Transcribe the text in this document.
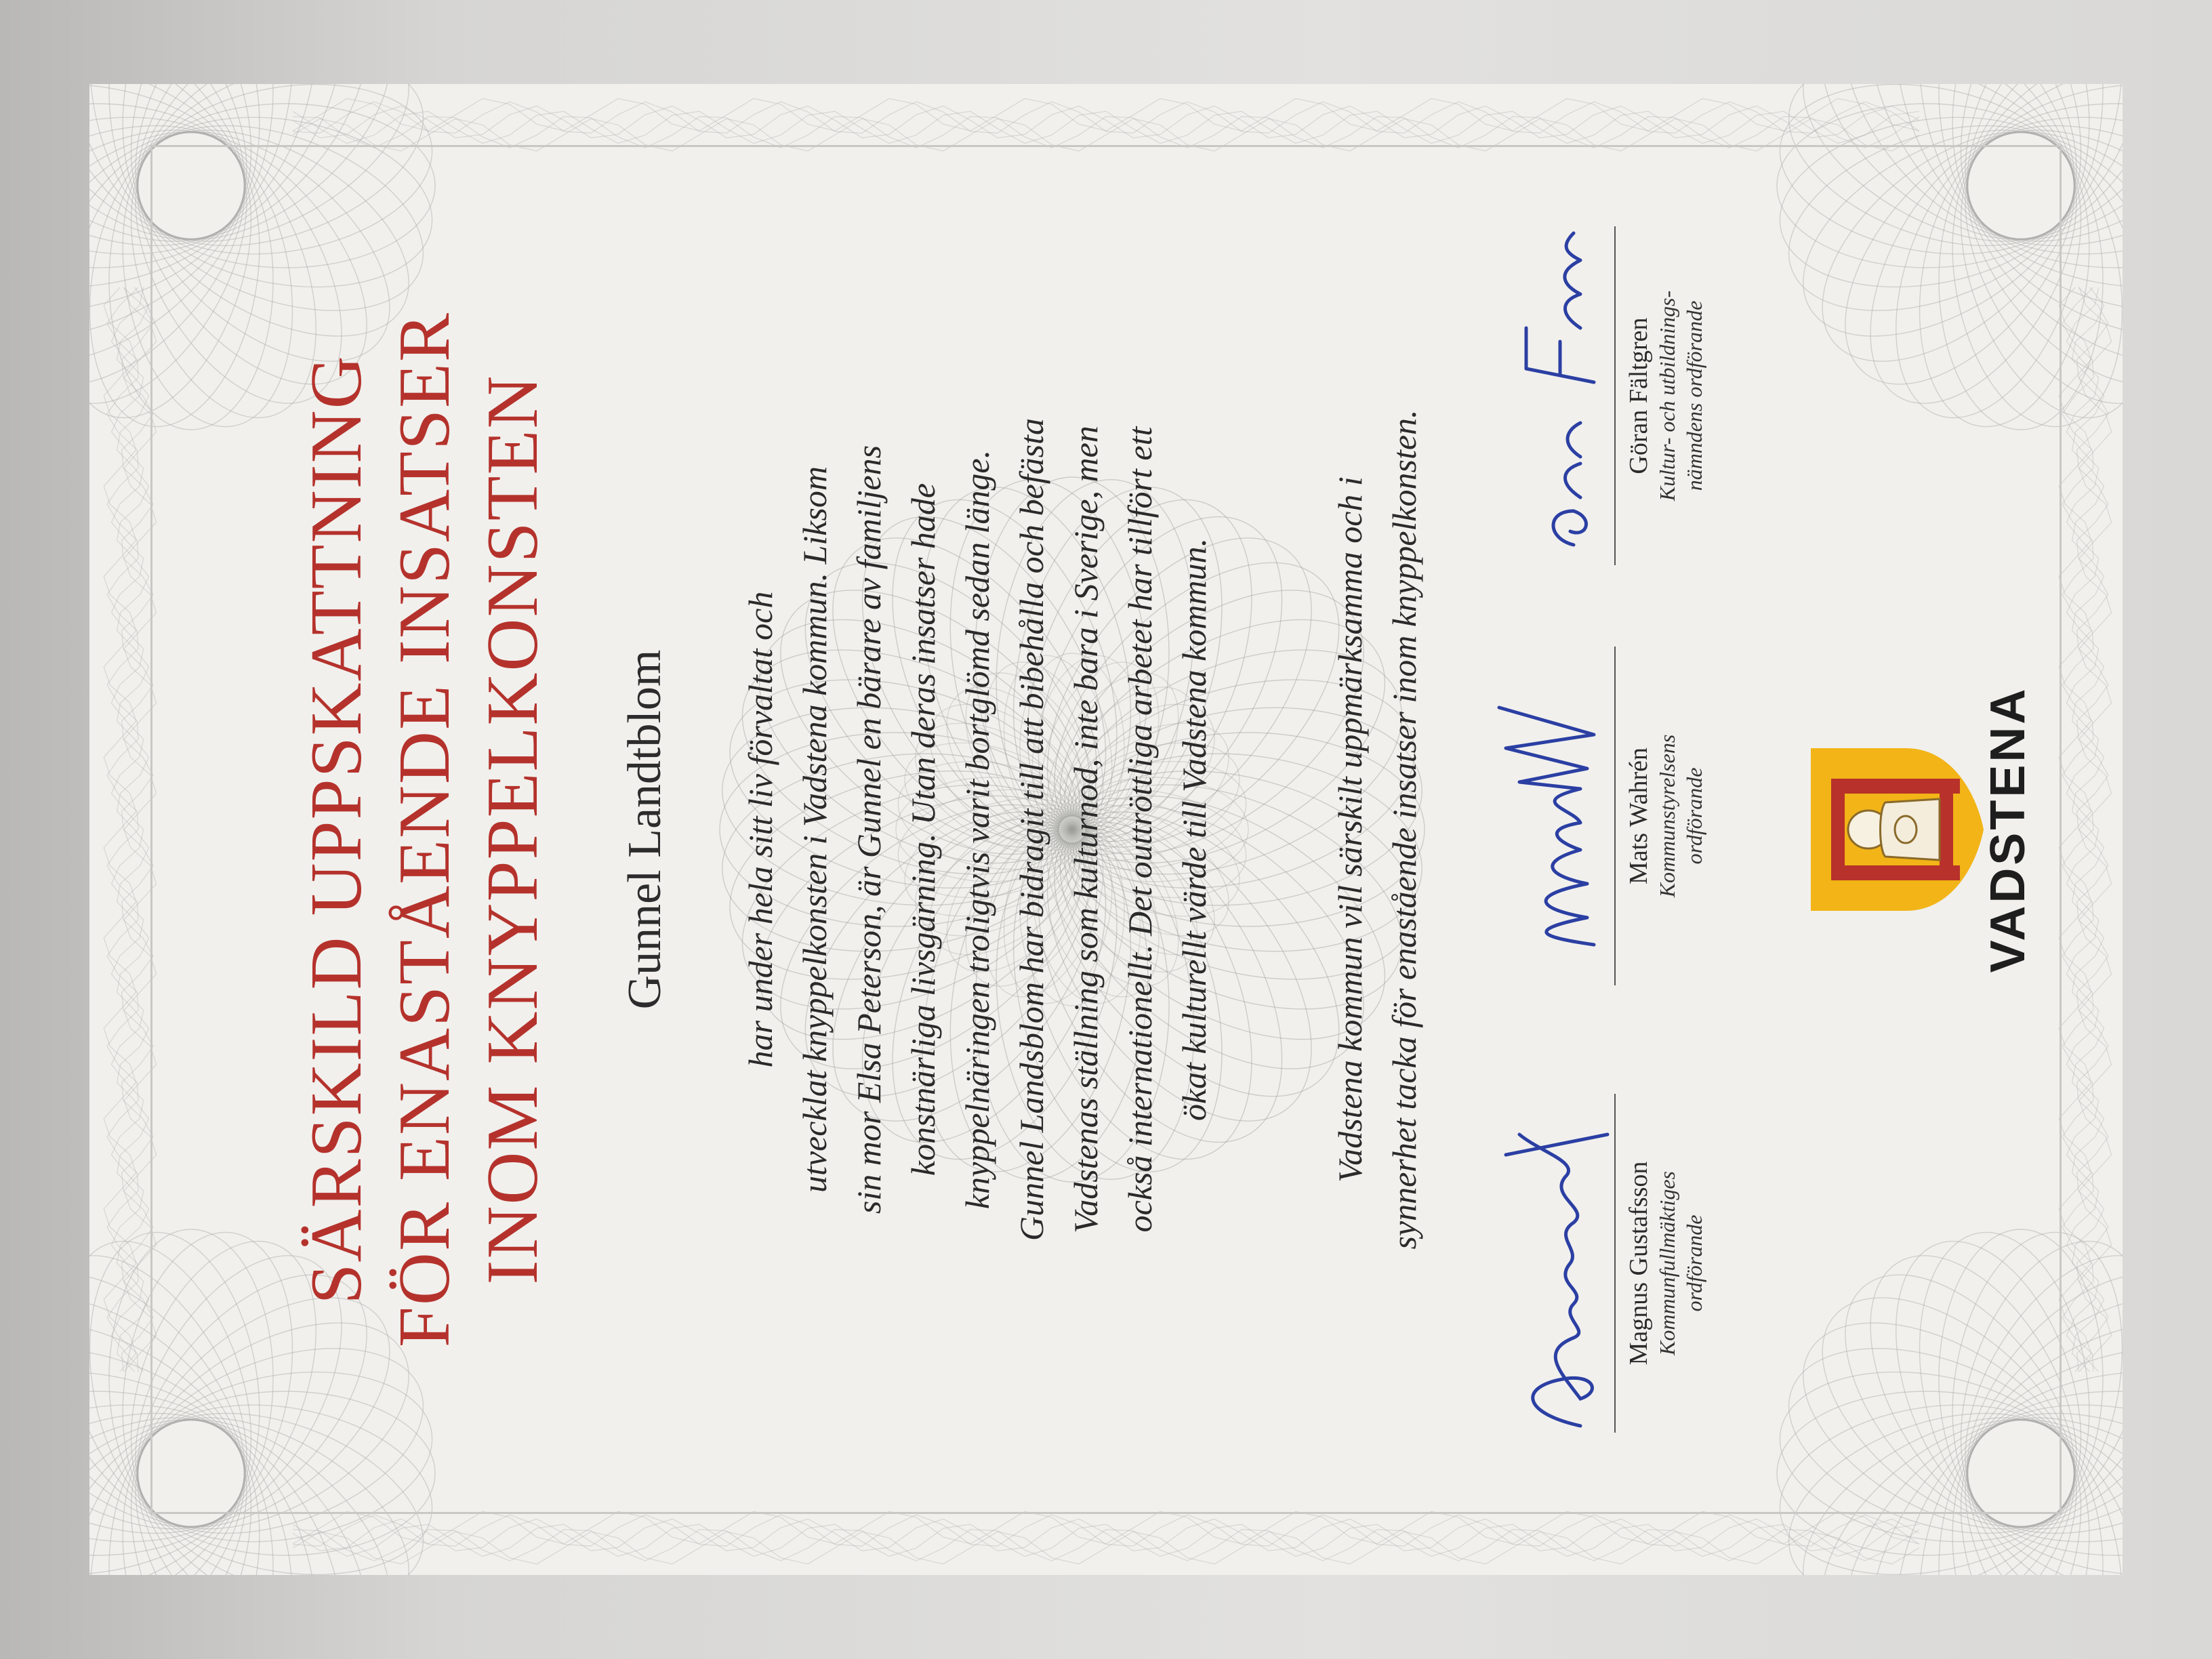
SÄRSKILD UPPSKATTNING FÖR ENASTÅENDE INSATSER INOM KNYPPELKONSTEN Gunnel Landtblom har under hela sitt liv förvaltat och utvecklat knyppelkonsten i Vadstena kommun. Liksom sin mor Elsa Peterson, är Gunnel en bärare av familjens konstnärliga livsgärning. Utan deras insatser hade knyppelnäringen troligtvis varit bortglömd sedan länge. Gunnel Landsblom har bidragit till att bibehålla och befästa Vadstenas ställning som kulturnod, inte bara i Sverige, men också internationellt. Det outtröttliga arbetet har tillfört ett ökat kulturellt värde till Vadstena kommun.	Vadstena kommun vill särskilt uppmärksamma och i synnerhet tacka för enastående insatser inom knyppelkonsten.
Magnus Gustafsson Kommunfullmäktiges ordförande
Mats Wahrén Kommunstyrelsens ordförande
Göran Fältgren Kultur- och utbildnings- nämndens ordförande
VADSTENA
